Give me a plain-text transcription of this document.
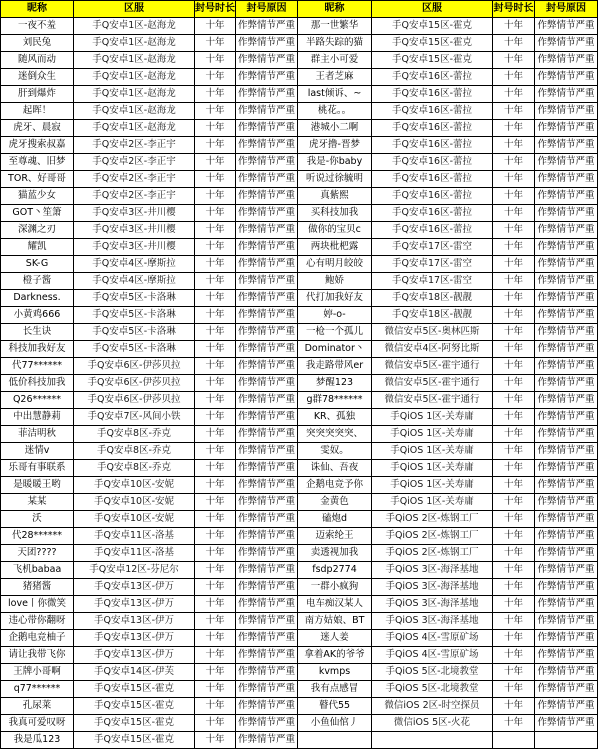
昵称	区服	封号时长	封号原因	昵称	区服	封号时长	封号原因
一夜不羞	手Q安卓1区-赵海龙	十年	作弊情节严重	那一世繁华	手Q安卓15区-霍克	十年	作弊情节严重
刘民兔	手Q安卓1区-赵海龙	十年	作弊情节严重	半路失踪的猫	手Q安卓15区-霍克	十年	作弊情节严重
随风而动	手Q安卓1区-赵海龙	十年	作弊情节严重	群主小可爱	手Q安卓15区-霍克	十年	作弊情节严重
迷倒众生	手Q安卓1区-赵海龙	十年	作弊情节严重	王者芝麻	手Q安卓16区-蕾拉	十年	作弊情节严重
肝到爆炸	手Q安卓1区-赵海龙	十年	作弊情节严重	last倾诉、~	手Q安卓16区-蕾拉	十年	作弊情节严重
起晖！	手Q安卓1区-赵海龙	十年	作弊情节严重	桃花。。	手Q安卓16区-蕾拉	十年	作弊情节严重
虎牙、晨寂	手Q安卓1区-赵海龙	十年	作弊情节严重	港城小二啊	手Q安卓16区-蕾拉	十年	作弊情节严重
虎牙搜索叔嘉	手Q安卓2区-李正宇	十年	作弊情节严重	虎牙撸-晋梦	手Q安卓16区-蕾拉	十年	作弊情节严重
至尊魂、旧梦	手Q安卓2区-李正宇	十年	作弊情节严重	我是-你baby	手Q安卓16区-蕾拉	十年	作弊情节严重
TOR、好哥哥	手Q安卓2区-李正宇	十年	作弊情节严重	听说过徐毓明	手Q安卓16区-蕾拉	十年	作弊情节严重
猫蓝少女	手Q安卓2区-李正宇	十年	作弊情节严重	真紫熙	手Q安卓16区-蕾拉	十年	作弊情节严重
GOT丶笙箫	手Q安卓3区-井川樱	十年	作弊情节严重	买科技加我	手Q安卓16区-蕾拉	十年	作弊情节严重
深渊之刃	手Q安卓3区-井川樱	十年	作弊情节严重	做你的宝贝c	手Q安卓16区-蕾拉	十年	作弊情节严重
耀凯	手Q安卓3区-井川樱	十年	作弊情节严重	两块枇杷露	手Q安卓17区-雷空	十年	作弊情节严重
SK-G	手Q安卓4区-摩斯拉	十年	作弊情节严重	心有明月皎皎	手Q安卓17区-雷空	十年	作弊情节严重
橙子酱	手Q安卓4区-摩斯拉	十年	作弊情节严重	鲍娇	手Q安卓17区-雷空	十年	作弊情节严重
Darkness.	手Q安卓5区-卡洛琳	十年	作弊情节严重	代打加我好友	手Q安卓18区-靓靓	十年	作弊情节严重
小黄鸡666	手Q安卓5区-卡洛琳	十年	作弊情节严重	婷-o-	手Q安卓18区-靓靓	十年	作弊情节严重
长生诀	手Q安卓5区-卡洛琳	十年	作弊情节严重	一枪一个孤儿	微信安卓5区-奥林匹斯	十年	作弊情节严重
科技加我好友	手Q安卓5区-卡洛琳	十年	作弊情节严重	Dominator丶	微信安卓4区-阿努比斯	十年	作弊情节严重
代77******	手Q安卓6区-伊莎贝拉	十年	作弊情节严重	我走路带风er	微信安卓5区-霍宇通行	十年	作弊情节严重
低价科技加我	手Q安卓6区-伊莎贝拉	十年	作弊情节严重	梦醒123	微信安卓5区-霍宇通行	十年	作弊情节严重
Q26******	手Q安卓6区-伊莎贝拉	十年	作弊情节严重	g群78******	微信安卓5区-霍宇通行	十年	作弊情节严重
中出慧静莉	手Q安卓7区-风间小铁	十年	作弊情节严重	KR、孤独	手QiOS 1区-关寿庸	十年	作弊情节严重
菲洁明秋	手Q安卓8区-乔克	十年	作弊情节严重	突突突突突、	手QiOS 1区-关寿庸	十年	作弊情节严重
迷情v	手Q安卓8区-乔克	十年	作弊情节严重	雯奴。	手QiOS 1区-关寿庸	十年	作弊情节严重
乐哥有事联系	手Q安卓8区-乔克	十年	作弊情节严重	诛仙、吾夜	手QiOS 1区-关寿庸	十年	作弊情节严重
是暖暖王哟	手Q安卓10区-安妮	十年	作弊情节严重	企鹅电竞予你	手QiOS 1区-关寿庸	十年	作弊情节严重
某某	手Q安卓10区-安妮	十年	作弊情节严重	金黄色	手QiOS 1区-关寿庸	十年	作弊情节严重
沃	手Q安卓10区-安妮	十年	作弊情节严重	磕炮d	手QiOS 2区-炼钢工厂	十年	作弊情节严重
代28******	手Q安卓11区-洛基	十年	作弊情节严重	迈索纶王	手QiOS 2区-炼钢工厂	十年	作弊情节严重
天团????	手Q安卓11区-洛基	十年	作弊情节严重	卖透视加我	手QiOS 2区-炼钢工厂	十年	作弊情节严重
飞机babaa	手Q安卓12区-芬尼尔	十年	作弊情节严重	fsdp2774	手QiOS 3区-海泽基地	十年	作弊情节严重
猪猪酱	手Q安卓13区-伊万	十年	作弊情节严重	一群小疯狗	手QiOS 3区-海泽基地	十年	作弊情节严重
love丨你微笑	手Q安卓13区-伊万	十年	作弊情节严重	电车痴汉某人	手QiOS 3区-海泽基地	十年	作弊情节严重
违心带你翻呀	手Q安卓13区-伊万	十年	作弊情节严重	南方姑娘、BT	手QiOS 3区-海泽基地	十年	作弊情节严重
企鹅电竞柚子	手Q安卓13区-伊万	十年	作弊情节严重	迷人姜	手QiOS 4区-雪原矿场	十年	作弊情节严重
请让我带飞你	手Q安卓13区-伊万	十年	作弊情节严重	拿着AK的爷爷	手QiOS 4区-雪原矿场	十年	作弊情节严重
王牌小哥啊	手Q安卓14区-伊芙	十年	作弊情节严重	kvmps	手QiOS 5区-北境教堂	十年	作弊情节严重
q77******	手Q安卓15区-霍克	十年	作弊情节严重	我有点感冒	手QiOS 5区-北境教堂	十年	作弊情节严重
孔尿莱	手Q安卓15区-霍克	十年	作弊情节严重	瞽代55	微信iOS 2区-时空探员	十年	作弊情节严重
我真可爱叹呀	手Q安卓15区-霍克	十年	作弊情节严重	小鱼仙倌丿	微信iOS 5区-火花	十年	作弊情节严重
我是瓜123	手Q安卓15区-霍克	十年	作弊情节严重				
